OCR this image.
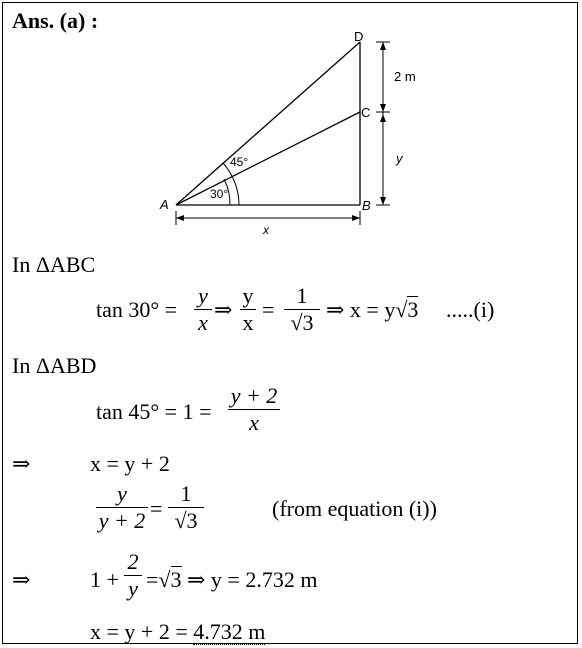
Ans. (a) :
A	B
C
D
30°
45°
2 m
y
x
In ΔABC
tan 30° =
y
x
⇒
y
x
=
1
√3
⇒ x = y√3 .....(i)
In ΔABD
tan 45° = 1 =
y + 2
x
⇒	x = y + 2
y
y + 2 =
1
√3	(from equation (i))
⇒	1 +
2
y =√3 ⇒ y = 2.732 m
x = y + 2 = 4.732 m
